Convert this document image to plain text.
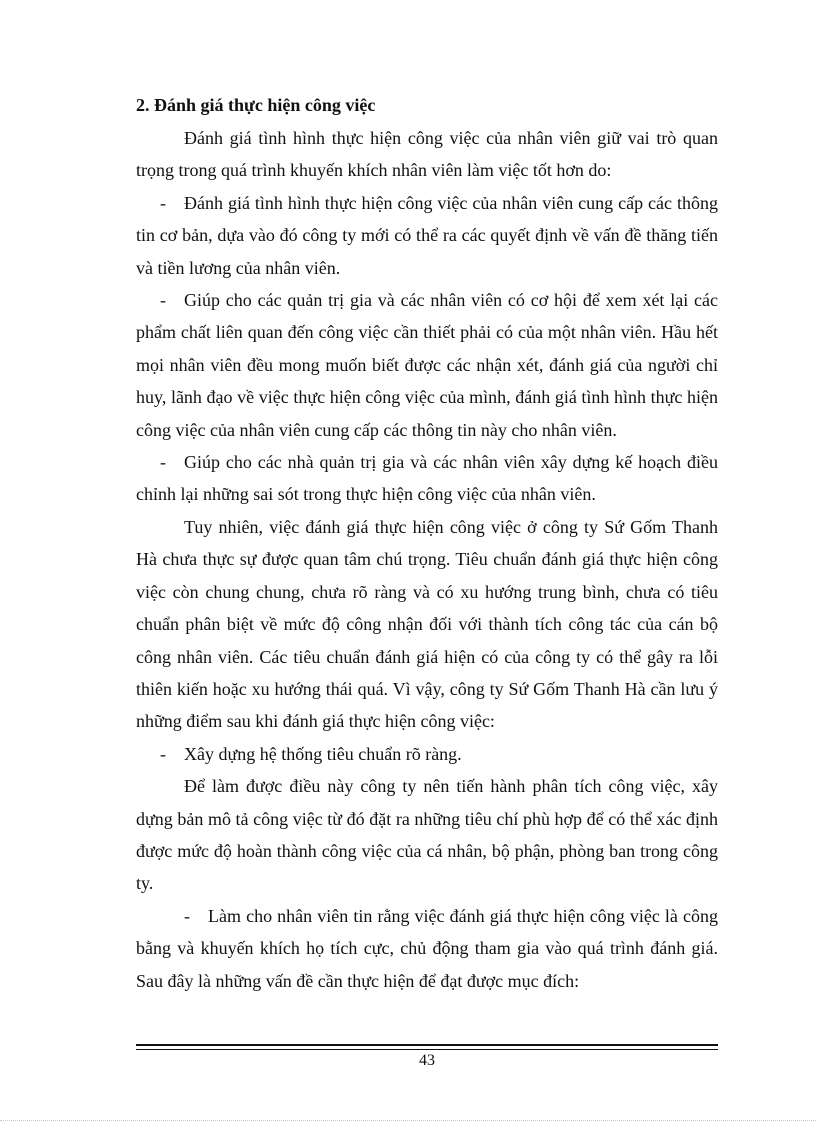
2. Đánh giá thực hiện công việc

Đánh giá tình hình thực hiện công việc của nhân viên giữ vai trò quan trọng trong quá trình khuyến khích nhân viên làm việc tốt hơn do:

- Đánh giá tình hình thực hiện công việc của nhân viên cung cấp các thông tin cơ bản, dựa vào đó công ty mới có thể ra các quyết định về vấn đề thăng tiến và tiền lương của nhân viên.

- Giúp cho các quản trị gia và các nhân viên có cơ hội để xem xét lại các phẩm chất liên quan đến công việc cần thiết phải có của một nhân viên. Hầu hết mọi nhân viên đều mong muốn biết được các nhận xét, đánh giá của người chỉ huy, lãnh đạo về việc thực hiện công việc của mình, đánh giá tình hình thực hiện công việc của nhân viên cung cấp các thông tin này cho nhân viên.

- Giúp cho các nhà quản trị gia và các nhân viên xây dựng kế hoạch điều chỉnh lại những sai sót trong thực hiện công việc của nhân viên.

Tuy nhiên, việc đánh giá thực hiện công việc ở công ty Sứ Gốm Thanh Hà chưa thực sự được quan tâm chú trọng. Tiêu chuẩn đánh giá thực hiện công việc còn chung chung, chưa rõ ràng và có xu hướng trung bình, chưa có tiêu chuẩn phân biệt về mức độ công nhận đối với thành tích công tác của cán bộ công nhân viên. Các tiêu chuẩn đánh giá hiện có của công ty có thể gây ra lỗi thiên kiến hoặc xu hướng thái quá. Vì vậy, công ty Sứ Gốm Thanh Hà cần lưu ý những điểm sau khi đánh giá thực hiện công việc:

- Xây dựng hệ thống tiêu chuẩn rõ ràng.

Để làm được điều này công ty nên tiến hành phân tích công việc, xây dựng bản mô tả công việc từ đó đặt ra những tiêu chí phù hợp để có thể xác định được mức độ hoàn thành công việc của cá nhân, bộ phận, phòng ban trong công ty.

- Làm cho nhân viên tin rằng việc đánh giá thực hiện công việc là công bằng và khuyến khích họ tích cực, chủ động tham gia vào quá trình đánh giá. Sau đây là những vấn đề cần thực hiện để đạt được mục đích:

43
